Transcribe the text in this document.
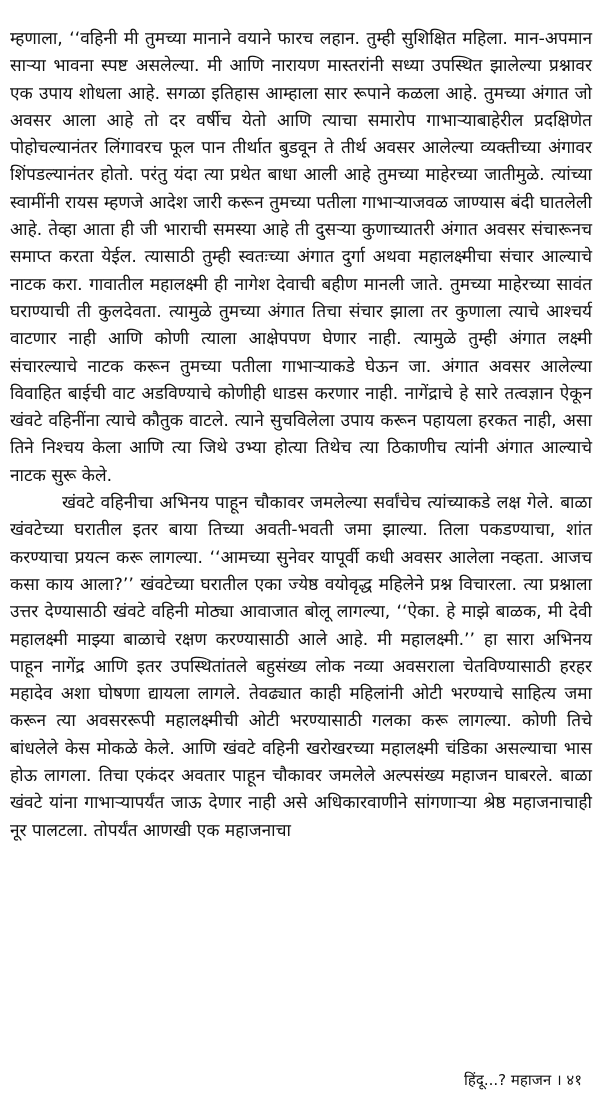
म्हणाला, ‘‘वहिनी मी तुमच्या मानाने वयाने फारच लहान. तुम्ही सुशिक्षित महिला. मान-अपमान साऱ्या भावना स्पष्ट असलेल्या. मी आणि नारायण मास्तरांनी सध्या उपस्थित झालेल्या प्रश्नावर एक उपाय शोधला आहे. सगळा इतिहास आम्हाला सार रूपाने कळला आहे. तुमच्या अंगात जो अवसर आला आहे तो दर वर्षीच येतो आणि त्याचा समारोप गाभाऱ्याबाहेरील प्रदक्षिणेत पोहोचल्यानंतर लिंगावरच फूल पान तीर्थात बुडवून ते तीर्थ अवसर आलेल्या व्यक्तीच्या अंगावर शिंपडल्यानंतर होतो. परंतु यंदा त्या प्रथेत बाधा आली आहे तुमच्या माहेरच्या जातीमुळे. त्यांच्या स्वामींनी रायस म्हणजे आदेश जारी करून तुमच्या पतीला गाभाऱ्याजवळ जाण्यास बंदी घातलेली आहे. तेव्हा आता ही जी भाराची समस्या आहे ती दुसऱ्या कुणाच्यातरी अंगात अवसर संचारूनच समाप्त करता येईल. त्यासाठी तुम्ही स्वतःच्या अंगात दुर्गा अथवा महालक्ष्मीचा संचार आल्याचे नाटक करा. गावातील महालक्ष्मी ही नागेश देवाची बहीण मानली जाते. तुमच्या माहेरच्या सावंत घराण्याची ती कुलदेवता. त्यामुळे तुमच्या अंगात तिचा संचार झाला तर कुणाला त्याचे आश्चर्य वाटणार नाही आणि कोणी त्याला आक्षेपपण घेणार नाही. त्यामुळे तुम्ही अंगात लक्ष्मी संचारल्याचे नाटक करून तुमच्या पतीला गाभाऱ्याकडे घेऊन जा. अंगात अवसर आलेल्या विवाहित बाईची वाट अडविण्याचे कोणीही धाडस करणार नाही. नागेंद्राचे हे सारे तत्वज्ञान ऐकून खंवटे वहिनींना त्याचे कौतुक वाटले. त्याने सुचविलेला उपाय करून पहायला हरकत नाही, असा तिने निश्चय केला आणि त्या जिथे उभ्या होत्या तिथेच त्या ठिकाणीच त्यांनी अंगात आल्याचे नाटक सुरू केले.

खंवटे वहिनीचा अभिनय पाहून चौकावर जमलेल्या सर्वांचेच त्यांच्याकडे लक्ष गेले. बाळा खंवटेच्या घरातील इतर बाया तिच्या अवती-भवती जमा झाल्या. तिला पकडण्याचा, शांत करण्याचा प्रयत्न करू लागल्या. ‘‘आमच्या सुनेवर यापूर्वी कधी अवसर आलेला नव्हता. आजच कसा काय आला?’’ खंवटेच्या घरातील एका ज्येष्ठ वयोवृद्ध महिलेने प्रश्न विचारला. त्या प्रश्नाला उत्तर देण्यासाठी खंवटे वहिनी मोठ्या आवाजात बोलू लागल्या, ‘‘ऐका. हे माझे बाळक, मी देवी महालक्ष्मी माझ्या बाळाचे रक्षण करण्यासाठी आले आहे. मी महालक्ष्मी.’’ हा सारा अभिनय पाहून नागेंद्र आणि इतर उपस्थितांतले बहुसंख्य लोक नव्या अवसराला चेतविण्यासाठी हरहर महादेव अशा घोषणा द्यायला लागले. तेवढ्यात काही महिलांनी ओटी भरण्याचे साहित्य जमा करून त्या अवसररूपी महालक्ष्मीची ओटी भरण्यासाठी गलका करू लागल्या. कोणी तिचे बांधलेले केस मोकळे केले. आणि खंवटे वहिनी खरोखरच्या महालक्ष्मी चंडिका असल्याचा भास होऊ लागला. तिचा एकंदर अवतार पाहून चौकावर जमलेले अल्पसंख्य महाजन घाबरले. बाळा खंवटे यांना गाभाऱ्यापर्यंत जाऊ देणार नाही असे अधिकारवाणीने सांगणाऱ्या श्रेष्ठ महाजनाचाही नूर पालटला. तोपर्यंत आणखी एक महाजनाचा

हिंदू...? महाजन । ४१
